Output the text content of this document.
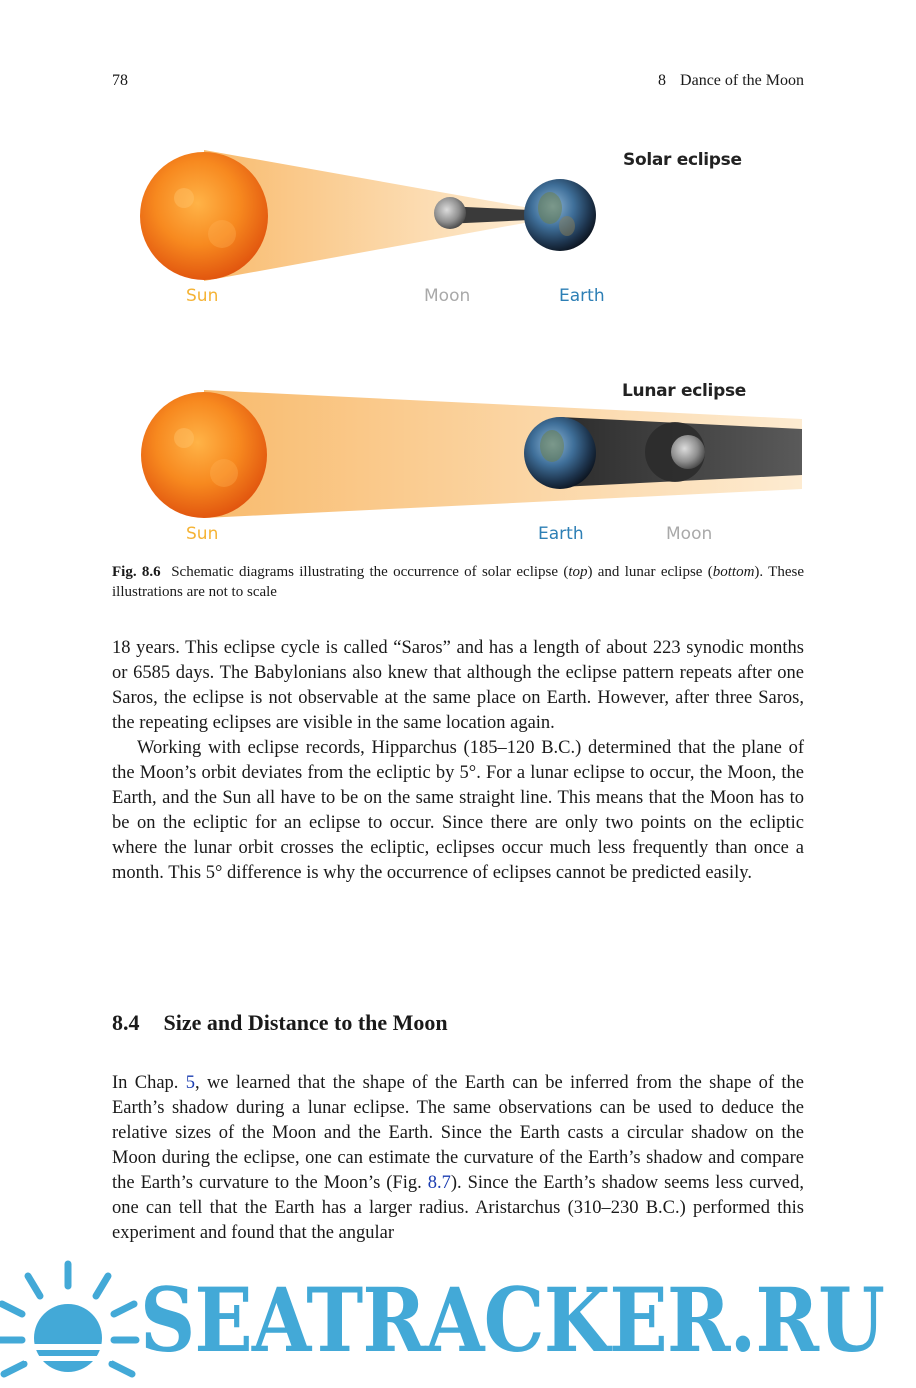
78	8 Dance of the Moon
Solar eclipse
Sun	Moon	Earth
Lunar eclipse
Sun	Earth	Moon
Fig. 8.6 Schematic diagrams illustrating the occurrence of solar eclipse (top) and lunar eclipse (bottom). These illustrations are not to scale

18 years. This eclipse cycle is called “Saros” and has a length of about 223 synodic months or 6585 days. The Babylonians also knew that although the eclipse pattern repeats after one Saros, the eclipse is not observable at the same place on Earth. However, after three Saros, the repeating eclipses are visible in the same location again.

Working with eclipse records, Hipparchus (185–120 B.C.) determined that the plane of the Moon’s orbit deviates from the ecliptic by 5°. For a lunar eclipse to occur, the Moon, the Earth, and the Sun all have to be on the same straight line. This means that the Moon has to be on the ecliptic for an eclipse to occur. Since there are only two points on the ecliptic where the lunar orbit crosses the ecliptic, eclipses occur much less frequently than once a month. This 5° difference is why the occurrence of eclipses cannot be predicted easily.

8.4 Size and Distance to the Moon

In Chap. 5, we learned that the shape of the Earth can be inferred from the shape of the Earth’s shadow during a lunar eclipse. The same observations can be used to deduce the relative sizes of the Moon and the Earth. Since the Earth casts a circular shadow on the Moon during the eclipse, one can estimate the curvature of the Earth’s shadow and compare the Earth’s curvature to the Moon’s (Fig. 8.7). Since the Earth’s shadow seems less curved, one can tell that the Earth has a larger radius. Aristarchus (310–230 B.C.) performed this experiment and found that the angular

SEATRACKER.RU
